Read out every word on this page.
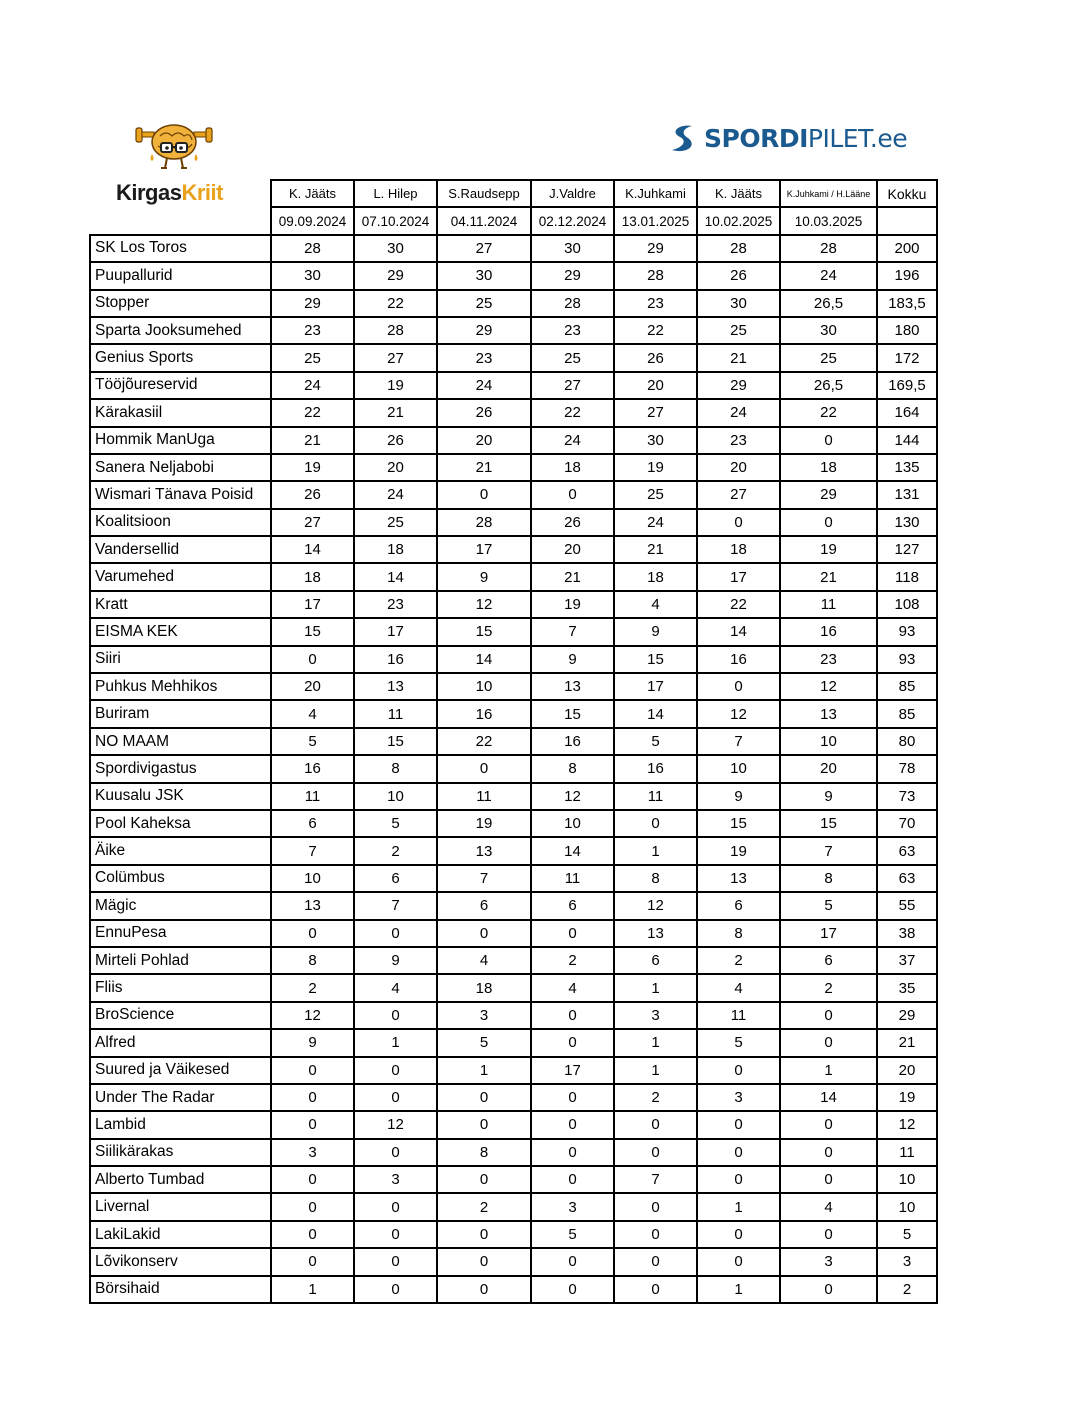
KirgasKriit
SPORDI PILET.ee
	K. Jääts	L. Hilep	S.Raudsepp	J.Valdre	K.Juhkami	K. Jääts	K.Juhkami / H.Lääne	Kokku
	09.09.2024	07.10.2024	04.11.2024	02.12.2024	13.01.2025	10.02.2025	10.03.2025	
SK Los Toros	28	30	27	30	29	28	28	200
Puupallurid	30	29	30	29	28	26	24	196
Stopper	29	22	25	28	23	30	26,5	183,5
Sparta Jooksumehed	23	28	29	23	22	25	30	180
Genius Sports	25	27	23	25	26	21	25	172
Tööjõureservid	24	19	24	27	20	29	26,5	169,5
Kärakasiil	22	21	26	22	27	24	22	164
Hommik ManUga	21	26	20	24	30	23	0	144
Sanera Neljabobi	19	20	21	18	19	20	18	135
Wismari Tänava Poisid	26	24	0	0	25	27	29	131
Koalitsioon	27	25	28	26	24	0	0	130
Vandersellid	14	18	17	20	21	18	19	127
Varumehed	18	14	9	21	18	17	21	118
Kratt	17	23	12	19	4	22	11	108
EISMA KEK	15	17	15	7	9	14	16	93
Siiri	0	16	14	9	15	16	23	93
Puhkus Mehhikos	20	13	10	13	17	0	12	85
Buriram	4	11	16	15	14	12	13	85
NO MAAM	5	15	22	16	5	7	10	80
Spordivigastus	16	8	0	8	16	10	20	78
Kuusalu JSK	11	10	11	12	11	9	9	73
Pool Kaheksa	6	5	19	10	0	15	15	70
Äike	7	2	13	14	1	19	7	63
Colümbus	10	6	7	11	8	13	8	63
Mägic	13	7	6	6	12	6	5	55
EnnuPesa	0	0	0	0	13	8	17	38
Mirteli Pohlad	8	9	4	2	6	2	6	37
Fliis	2	4	18	4	1	4	2	35
BroScience	12	0	3	0	3	11	0	29
Alfred	9	1	5	0	1	5	0	21
Suured ja Väikesed	0	0	1	17	1	0	1	20
Under The Radar	0	0	0	0	2	3	14	19
Lambid	0	12	0	0	0	0	0	12
Siilikärakas	3	0	8	0	0	0	0	11
Alberto Tumbad	0	3	0	0	7	0	0	10
Livernal	0	0	2	3	0	1	4	10
LakiLakid	0	0	0	5	0	0	0	5
Lõvikonserv	0	0	0	0	0	0	3	3
Börsihaid	1	0	0	0	0	1	0	2
